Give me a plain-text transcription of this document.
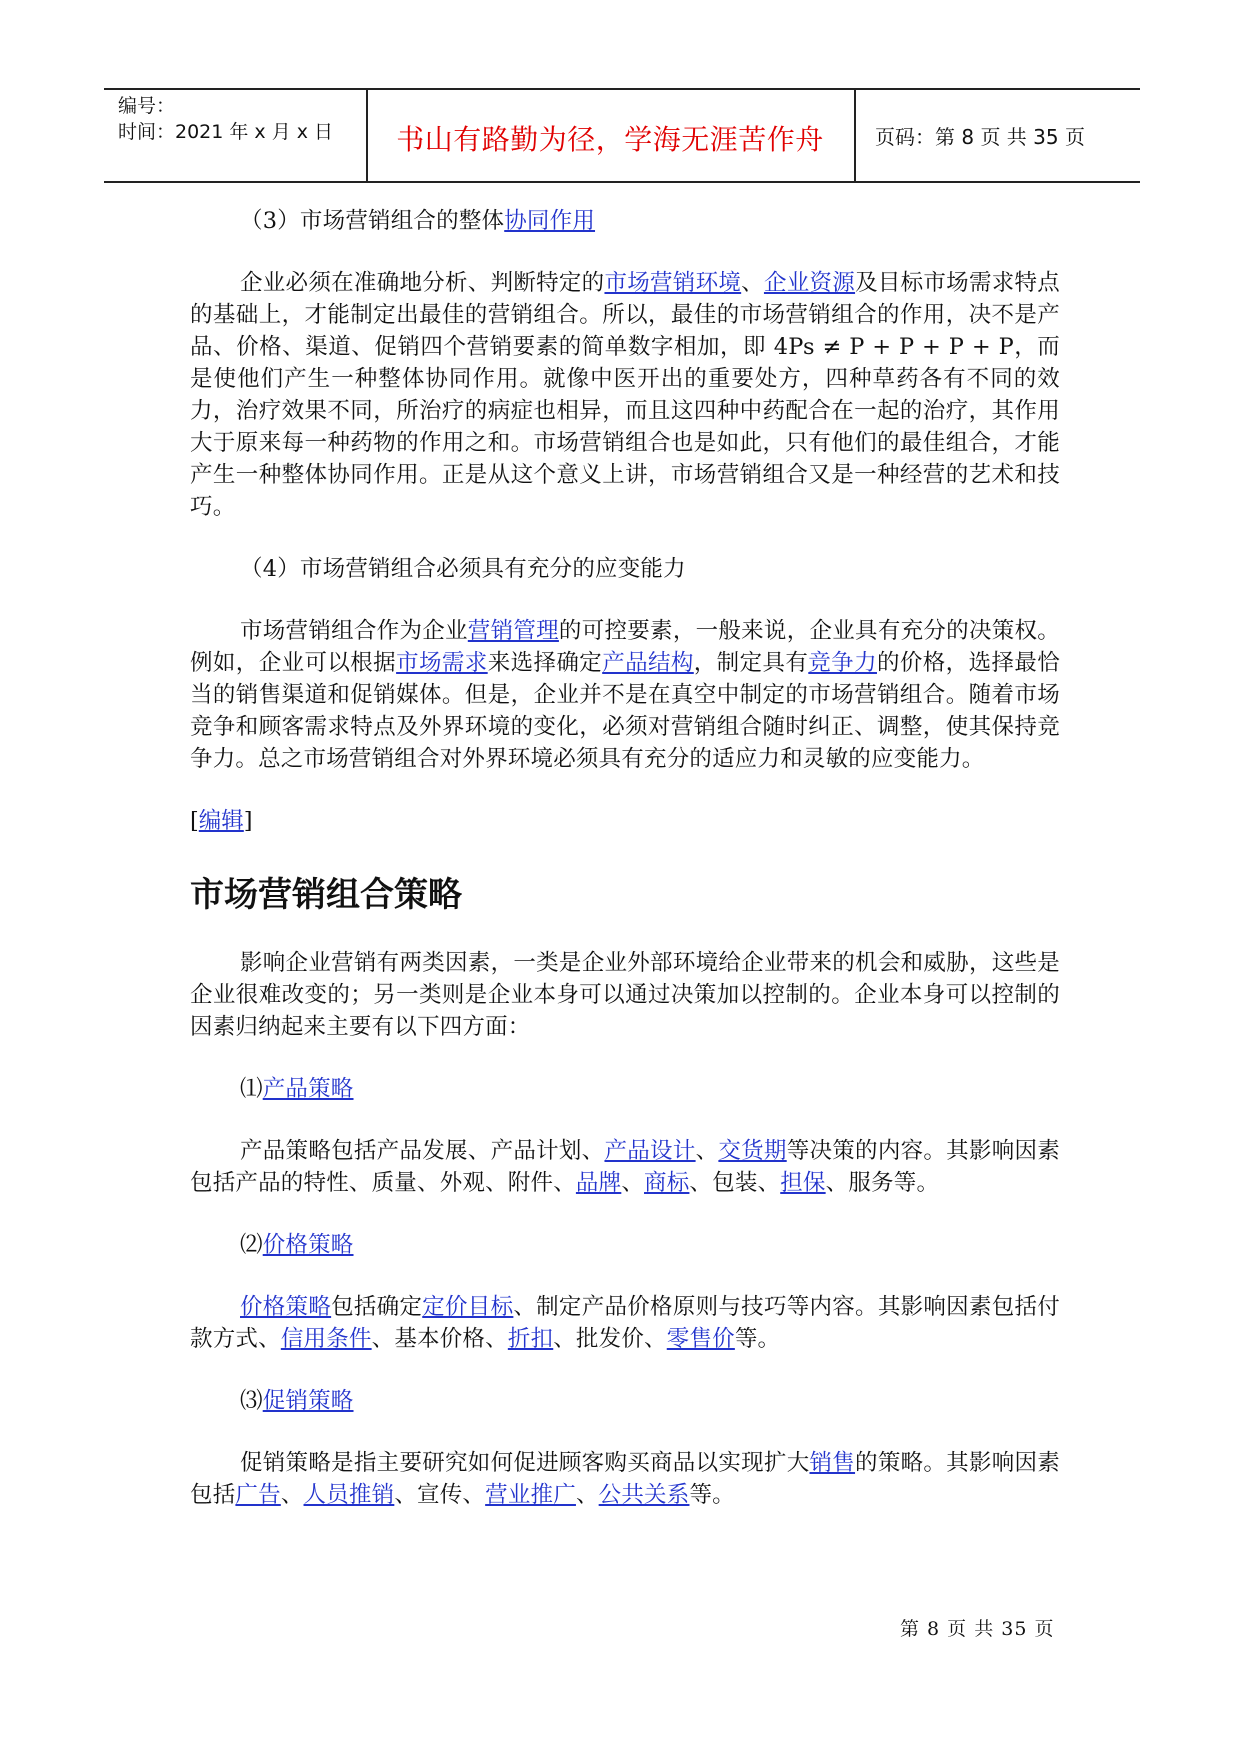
编号：
时间：2021 年 x 月 x 日	书山有路勤为径，学海无涯苦作舟	页码：第 8 页 共 35 页

（3）市场营销组合的整体协同作用

企业必须在准确地分析、判断特定的市场营销环境、企业资源及目标市场需求特点的基础上，才能制定出最佳的营销组合。所以，最佳的市场营销组合的作用，决不是产品、价格、渠道、促销四个营销要素的简单数字相加，即 4Ps ≠ P + P + P + P，而是使他们产生一种整体协同作用。就像中医开出的重要处方，四种草药各有不同的效力，治疗效果不同，所治疗的病症也相异，而且这四种中药配合在一起的治疗，其作用大于原来每一种药物的作用之和。市场营销组合也是如此，只有他们的最佳组合，才能产生一种整体协同作用。正是从这个意义上讲，市场营销组合又是一种经营的艺术和技巧。

（4）市场营销组合必须具有充分的应变能力

市场营销组合作为企业营销管理的可控要素，一般来说，企业具有充分的决策权。例如，企业可以根据市场需求来选择确定产品结构，制定具有竞争力的价格，选择最恰当的销售渠道和促销媒体。但是，企业并不是在真空中制定的市场营销组合。随着市场竞争和顾客需求特点及外界环境的变化，必须对营销组合随时纠正、调整，使其保持竞争力。总之市场营销组合对外界环境必须具有充分的适应力和灵敏的应变能力。

[编辑]
市场营销组合策略

影响企业营销有两类因素，一类是企业外部环境给企业带来的机会和威胁，这些是企业很难改变的；另一类则是企业本身可以通过决策加以控制的。企业本身可以控制的因素归纳起来主要有以下四方面：

⑴产品策略

产品策略包括产品发展、产品计划、产品设计、交货期等决策的内容。其影响因素包括产品的特性、质量、外观、附件、品牌、商标、包装、担保、服务等。

⑵价格策略

价格策略包括确定定价目标、制定产品价格原则与技巧等内容。其影响因素包括付款方式、信用条件、基本价格、折扣、批发价、零售价等。

⑶促销策略

促销策略是指主要研究如何促进顾客购买商品以实现扩大销售的策略。其影响因素包括广告、人员推销、宣传、营业推广、公共关系等。

第 8 页 共 35 页
